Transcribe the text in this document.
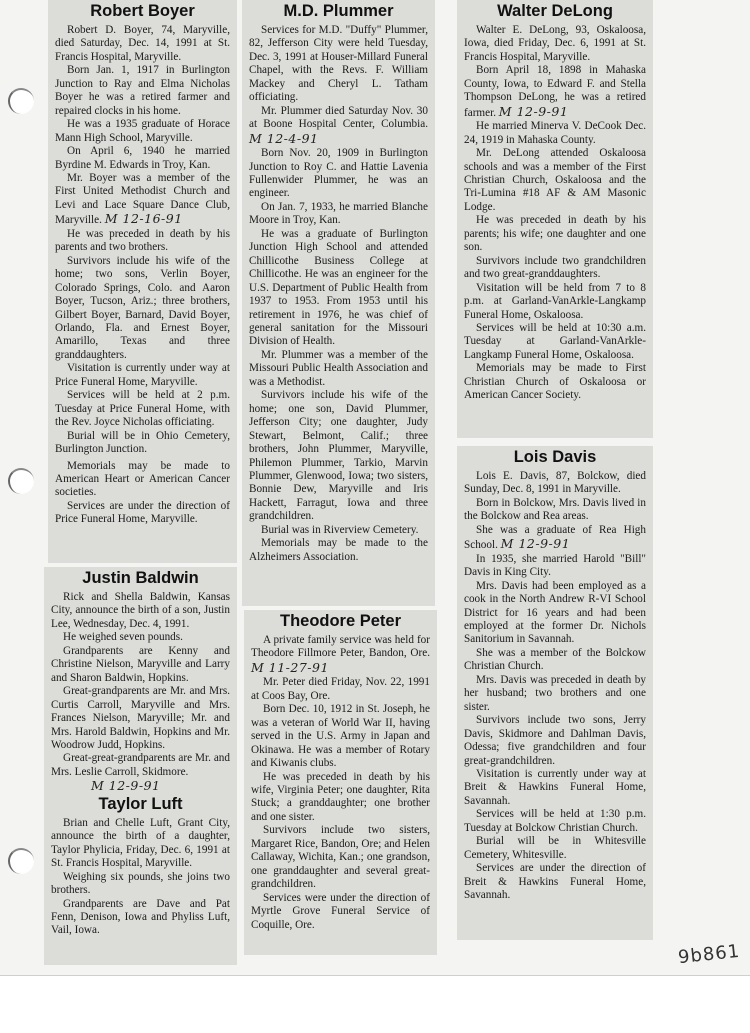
Robert Boyer

Robert D. Boyer, 74, Maryville, died Saturday, Dec. 14, 1991 at St. Francis Hospital, Maryville.

Born Jan. 1, 1917 in Burlington Junction to Ray and Elma Nicholas Boyer he was a retired farmer and repaired clocks in his home.

He was a 1935 graduate of Horace Mann High School, Maryville.

On April 6, 1940 he married Byrdine M. Edwards in Troy, Kan.

Mr. Boyer was a member of the First United Methodist Church and Levi and Lace Square Dance Club, Maryville. M 12-16-91

He was preceded in death by his parents and two brothers.

Survivors include his wife of the home; two sons, Verlin Boyer, Colorado Springs, Colo. and Aaron Boyer, Tucson, Ariz.; three brothers, Gilbert Boyer, Barnard, David Boyer, Orlando, Fla. and Ernest Boyer, Amarillo, Texas and three granddaughters.

Visitation is currently under way at Price Funeral Home, Maryville.

Services will be held at 2 p.m. Tuesday at Price Funeral Home, with the Rev. Joyce Nicholas officiating.

Burial will be in Ohio Cemetery, Burlington Junction.

Memorials may be made to American Heart or American Cancer societies.

Services are under the direction of Price Funeral Home, Maryville.

Justin Baldwin

Rick and Shella Baldwin, Kansas City, announce the birth of a son, Justin Lee, Wednesday, Dec. 4, 1991.

He weighed seven pounds.

Grandparents are Kenny and Christine Nielson, Maryville and Larry and Sharon Baldwin, Hopkins.

Great-grandparents are Mr. and Mrs. Curtis Carroll, Maryville and Mrs. Frances Nielson, Maryville; Mr. and Mrs. Harold Baldwin, Hopkins and Mr. Woodrow Judd, Hopkins.

Great-great-grandparents are Mr. and Mrs. Leslie Carroll, Skidmore.

M 12-9-91
Taylor Luft

Brian and Chelle Luft, Grant City, announce the birth of a daughter, Taylor Phylicia, Friday, Dec. 6, 1991 at St. Francis Hospital, Maryville.

Weighing six pounds, she joins two brothers.

Grandparents are Dave and Pat Fenn, Denison, Iowa and Phyliss Luft, Vail, Iowa.

M.D. Plummer

Services for M.D. "Duffy" Plummer, 82, Jefferson City were held Tuesday, Dec. 3, 1991 at Houser-Millard Funeral Chapel, with the Revs. F. William Mackey and Cheryl L. Tatham officiating.

Mr. Plummer died Saturday Nov. 30 at Boone Hospital Center, Columbia. M 12-4-91

Born Nov. 20, 1909 in Burlington Junction to Roy C. and Hattie Lavenia Fullenwider Plummer, he was an engineer.

On Jan. 7, 1933, he married Blanche Moore in Troy, Kan.

He was a graduate of Burlington Junction High School and attended Chillicothe Business College at Chillicothe. He was an engineer for the U.S. Department of Public Health from 1937 to 1953. From 1953 until his retirement in 1976, he was chief of general sanitation for the Missouri Division of Health.

Mr. Plummer was a member of the Missouri Public Health Association and was a Methodist.

Survivors include his wife of the home; one son, David Plummer, Jefferson City; one daughter, Judy Stewart, Belmont, Calif.; three brothers, John Plummer, Maryville, Philemon Plummer, Tarkio, Marvin Plummer, Glenwood, Iowa; two sisters, Bonnie Dew, Maryville and Iris Hackett, Farragut, Iowa and three grandchildren.

Burial was in Riverview Cemetery.

Memorials may be made to the Alzheimers Association.

Theodore Peter

A private family service was held for Theodore Fillmore Peter, Bandon, Ore. M 11-27-91

Mr. Peter died Friday, Nov. 22, 1991 at Coos Bay, Ore.

Born Dec. 10, 1912 in St. Joseph, he was a veteran of World War II, having served in the U.S. Army in Japan and Okinawa. He was a member of Rotary and Kiwanis clubs.

He was preceded in death by his wife, Virginia Peter; one daughter, Rita Stuck; a granddaughter; one brother and one sister.

Survivors include two sisters, Margaret Rice, Bandon, Ore; and Helen Callaway, Wichita, Kan.; one grandson, one granddaughter and several great-grandchildren.

Services were under the direction of Myrtle Grove Funeral Service of Coquille, Ore.

Walter DeLong

Walter E. DeLong, 93, Oskaloosa, Iowa, died Friday, Dec. 6, 1991 at St. Francis Hospital, Maryville.

Born April 18, 1898 in Mahaska County, Iowa, to Edward F. and Stella Thompson DeLong, he was a retired farmer. M 12-9-91

He married Minerva V. DeCook Dec. 24, 1919 in Mahaska County.

Mr. DeLong attended Oskaloosa schools and was a member of the First Christian Church, Oskaloosa and the Tri-Lumina #18 AF & AM Masonic Lodge.

He was preceded in death by his parents; his wife; one daughter and one son.

Survivors include two grandchildren and two great-granddaughters.

Visitation will be held from 7 to 8 p.m. at Garland-VanArkle-Langkamp Funeral Home, Oskaloosa.

Services will be held at 10:30 a.m. Tuesday at Garland-VanArkle-Langkamp Funeral Home, Oskaloosa.

Memorials may be made to First Christian Church of Oskaloosa or American Cancer Society.

Lois Davis

Lois E. Davis, 87, Bolckow, died Sunday, Dec. 8, 1991 in Maryville.

Born in Bolckow, Mrs. Davis lived in the Bolckow and Rea areas.

She was a graduate of Rea High School. M 12-9-91

In 1935, she married Harold "Bill" Davis in King City.

Mrs. Davis had been employed as a cook in the North Andrew R-VI School District for 16 years and had been employed at the former Dr. Nichols Sanitorium in Savannah.

She was a member of the Bolckow Christian Church.

Mrs. Davis was preceded in death by her husband; two brothers and one sister.

Survivors include two sons, Jerry Davis, Skidmore and Dahlman Davis, Odessa; five grandchildren and four great-grandchildren.

Visitation is currently under way at Breit & Hawkins Funeral Home, Savannah.

Services will be held at 1:30 p.m. Tuesday at Bolckow Christian Church.

Burial will be in Whitesville Cemetery, Whitesville.

Services are under the direction of Breit & Hawkins Funeral Home, Savannah.

9b861
